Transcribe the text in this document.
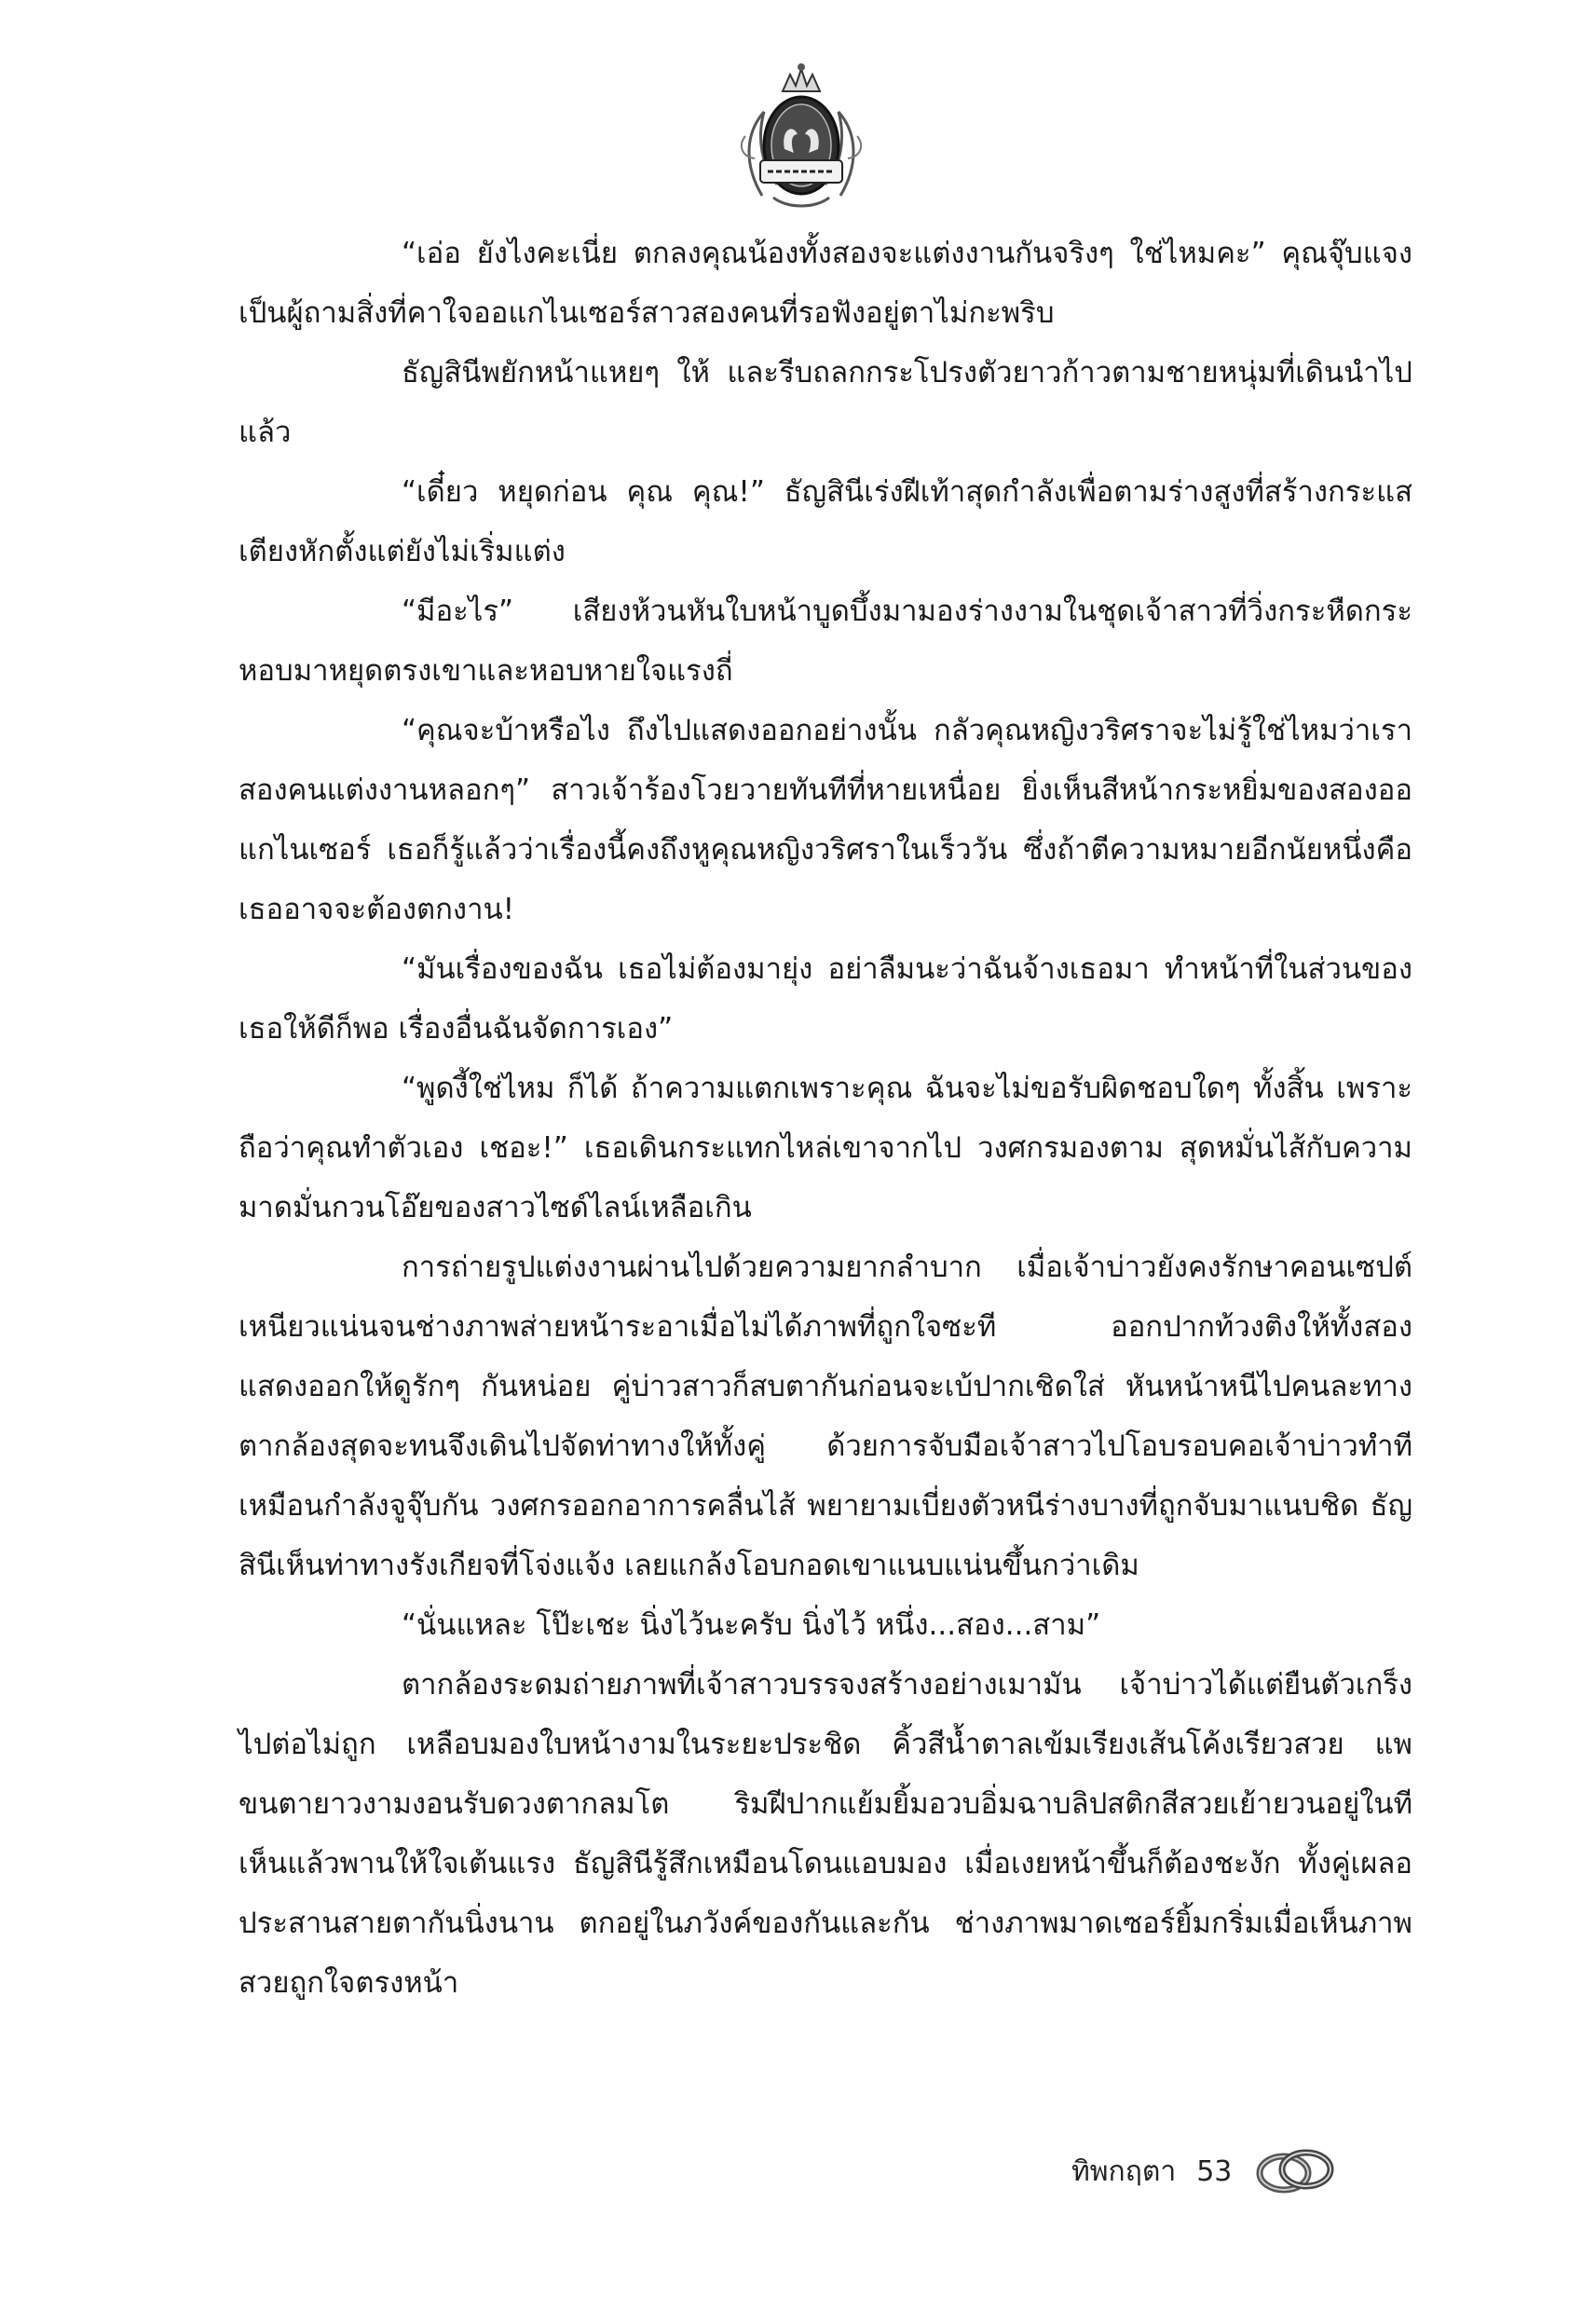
“เอ่อ ยังไงคะเนี่ย ตกลงคุณน้องทั้งสองจะแต่งงานกันจริงๆ ใช่ไหมคะ” คุณจุ๊บแจงเป็นผู้ถามสิ่งที่คาใจออแกไนเซอร์สาวสองคนที่รอฟังอยู่ตาไม่กะพริบ

ธัญสินีพยักหน้าแหยๆ ให้ และรีบถลกกระโปรงตัวยาวก้าวตามชายหนุ่มที่เดินนำไปแล้ว

“เดี๋ยว หยุดก่อน คุณ คุณ!” ธัญสินีเร่งฝีเท้าสุดกำลังเพื่อตามร่างสูงที่สร้างกระแสเตียงหักตั้งแต่ยังไม่เริ่มแต่ง

“มีอะไร” เสียงห้วนหันใบหน้าบูดบึ้งมามองร่างงามในชุดเจ้าสาวที่วิ่งกระหืดกระหอบมาหยุดตรงเขาและหอบหายใจแรงถี่

“คุณจะบ้าหรือไง ถึงไปแสดงออกอย่างนั้น กลัวคุณหญิงวริศราจะไม่รู้ใช่ไหมว่าเราสองคนแต่งงานหลอกๆ” สาวเจ้าร้องโวยวายทันทีที่หายเหนื่อย ยิ่งเห็นสีหน้ากระหยิ่มของสองออแกไนเซอร์ เธอก็รู้แล้วว่าเรื่องนี้คงถึงหูคุณหญิงวริศราในเร็ววัน ซึ่งถ้าตีความหมายอีกนัยหนึ่งคือ เธออาจจะต้องตกงาน!

“มันเรื่องของฉัน เธอไม่ต้องมายุ่ง อย่าลืมนะว่าฉันจ้างเธอมา ทำหน้าที่ในส่วนของเธอให้ดีก็พอ เรื่องอื่นฉันจัดการเอง”

“พูดงี้ใช่ไหม ก็ได้ ถ้าความแตกเพราะคุณ ฉันจะไม่ขอรับผิดชอบใดๆ ทั้งสิ้น เพราะถือว่าคุณทำตัวเอง เชอะ!” เธอเดินกระแทกไหล่เขาจากไป วงศกรมองตาม สุดหมั่นไส้กับความมาดมั่นกวนโอ๊ยของสาวไซด์ไลน์เหลือเกิน

การถ่ายรูปแต่งงานผ่านไปด้วยความยากลำบาก เมื่อเจ้าบ่าวยังคงรักษาคอนเซปต์เหนียวแน่นจนช่างภาพส่ายหน้าระอาเมื่อไม่ได้ภาพที่ถูกใจซะที ออกปากท้วงติงให้ทั้งสองแสดงออกให้ดูรักๆ กันหน่อย คู่บ่าวสาวก็สบตากันก่อนจะเบ้ปากเชิดใส่ หันหน้าหนีไปคนละทาง ตากล้องสุดจะทนจึงเดินไปจัดท่าทางให้ทั้งคู่ ด้วยการจับมือเจ้าสาวไปโอบรอบคอเจ้าบ่าวทำทีเหมือนกำลังจูจุ๊บกัน วงศกรออกอาการคลื่นไส้ พยายามเบี่ยงตัวหนีร่างบางที่ถูกจับมาแนบชิด ธัญสินีเห็นท่าทางรังเกียจที่โจ่งแจ้ง เลยแกล้งโอบกอดเขาแนบแน่นขึ้นกว่าเดิม

“นั่นแหละ โป๊ะเชะ นิ่งไว้นะครับ นิ่งไว้ หนึ่ง...สอง...สาม”

ตากล้องระดมถ่ายภาพที่เจ้าสาวบรรจงสร้างอย่างเมามัน เจ้าบ่าวได้แต่ยืนตัวเกร็งไปต่อไม่ถูก เหลือบมองใบหน้างามในระยะประชิด คิ้วสีน้ำตาลเข้มเรียงเส้นโค้งเรียวสวย แพขนตายาวงามงอนรับดวงตากลมโต ริมฝีปากแย้มยิ้มอวบอิ่มฉาบลิปสติกสีสวยเย้ายวนอยู่ในที เห็นแล้วพานให้ใจเต้นแรง ธัญสินีรู้สึกเหมือนโดนแอบมอง เมื่อเงยหน้าขึ้นก็ต้องชะงัก ทั้งคู่เผลอประสานสายตากันนิ่งนาน ตกอยู่ในภวังค์ของกันและกัน ช่างภาพมาดเซอร์ยิ้มกริ่มเมื่อเห็นภาพสวยถูกใจตรงหน้า

ทิพกฤตา 53
